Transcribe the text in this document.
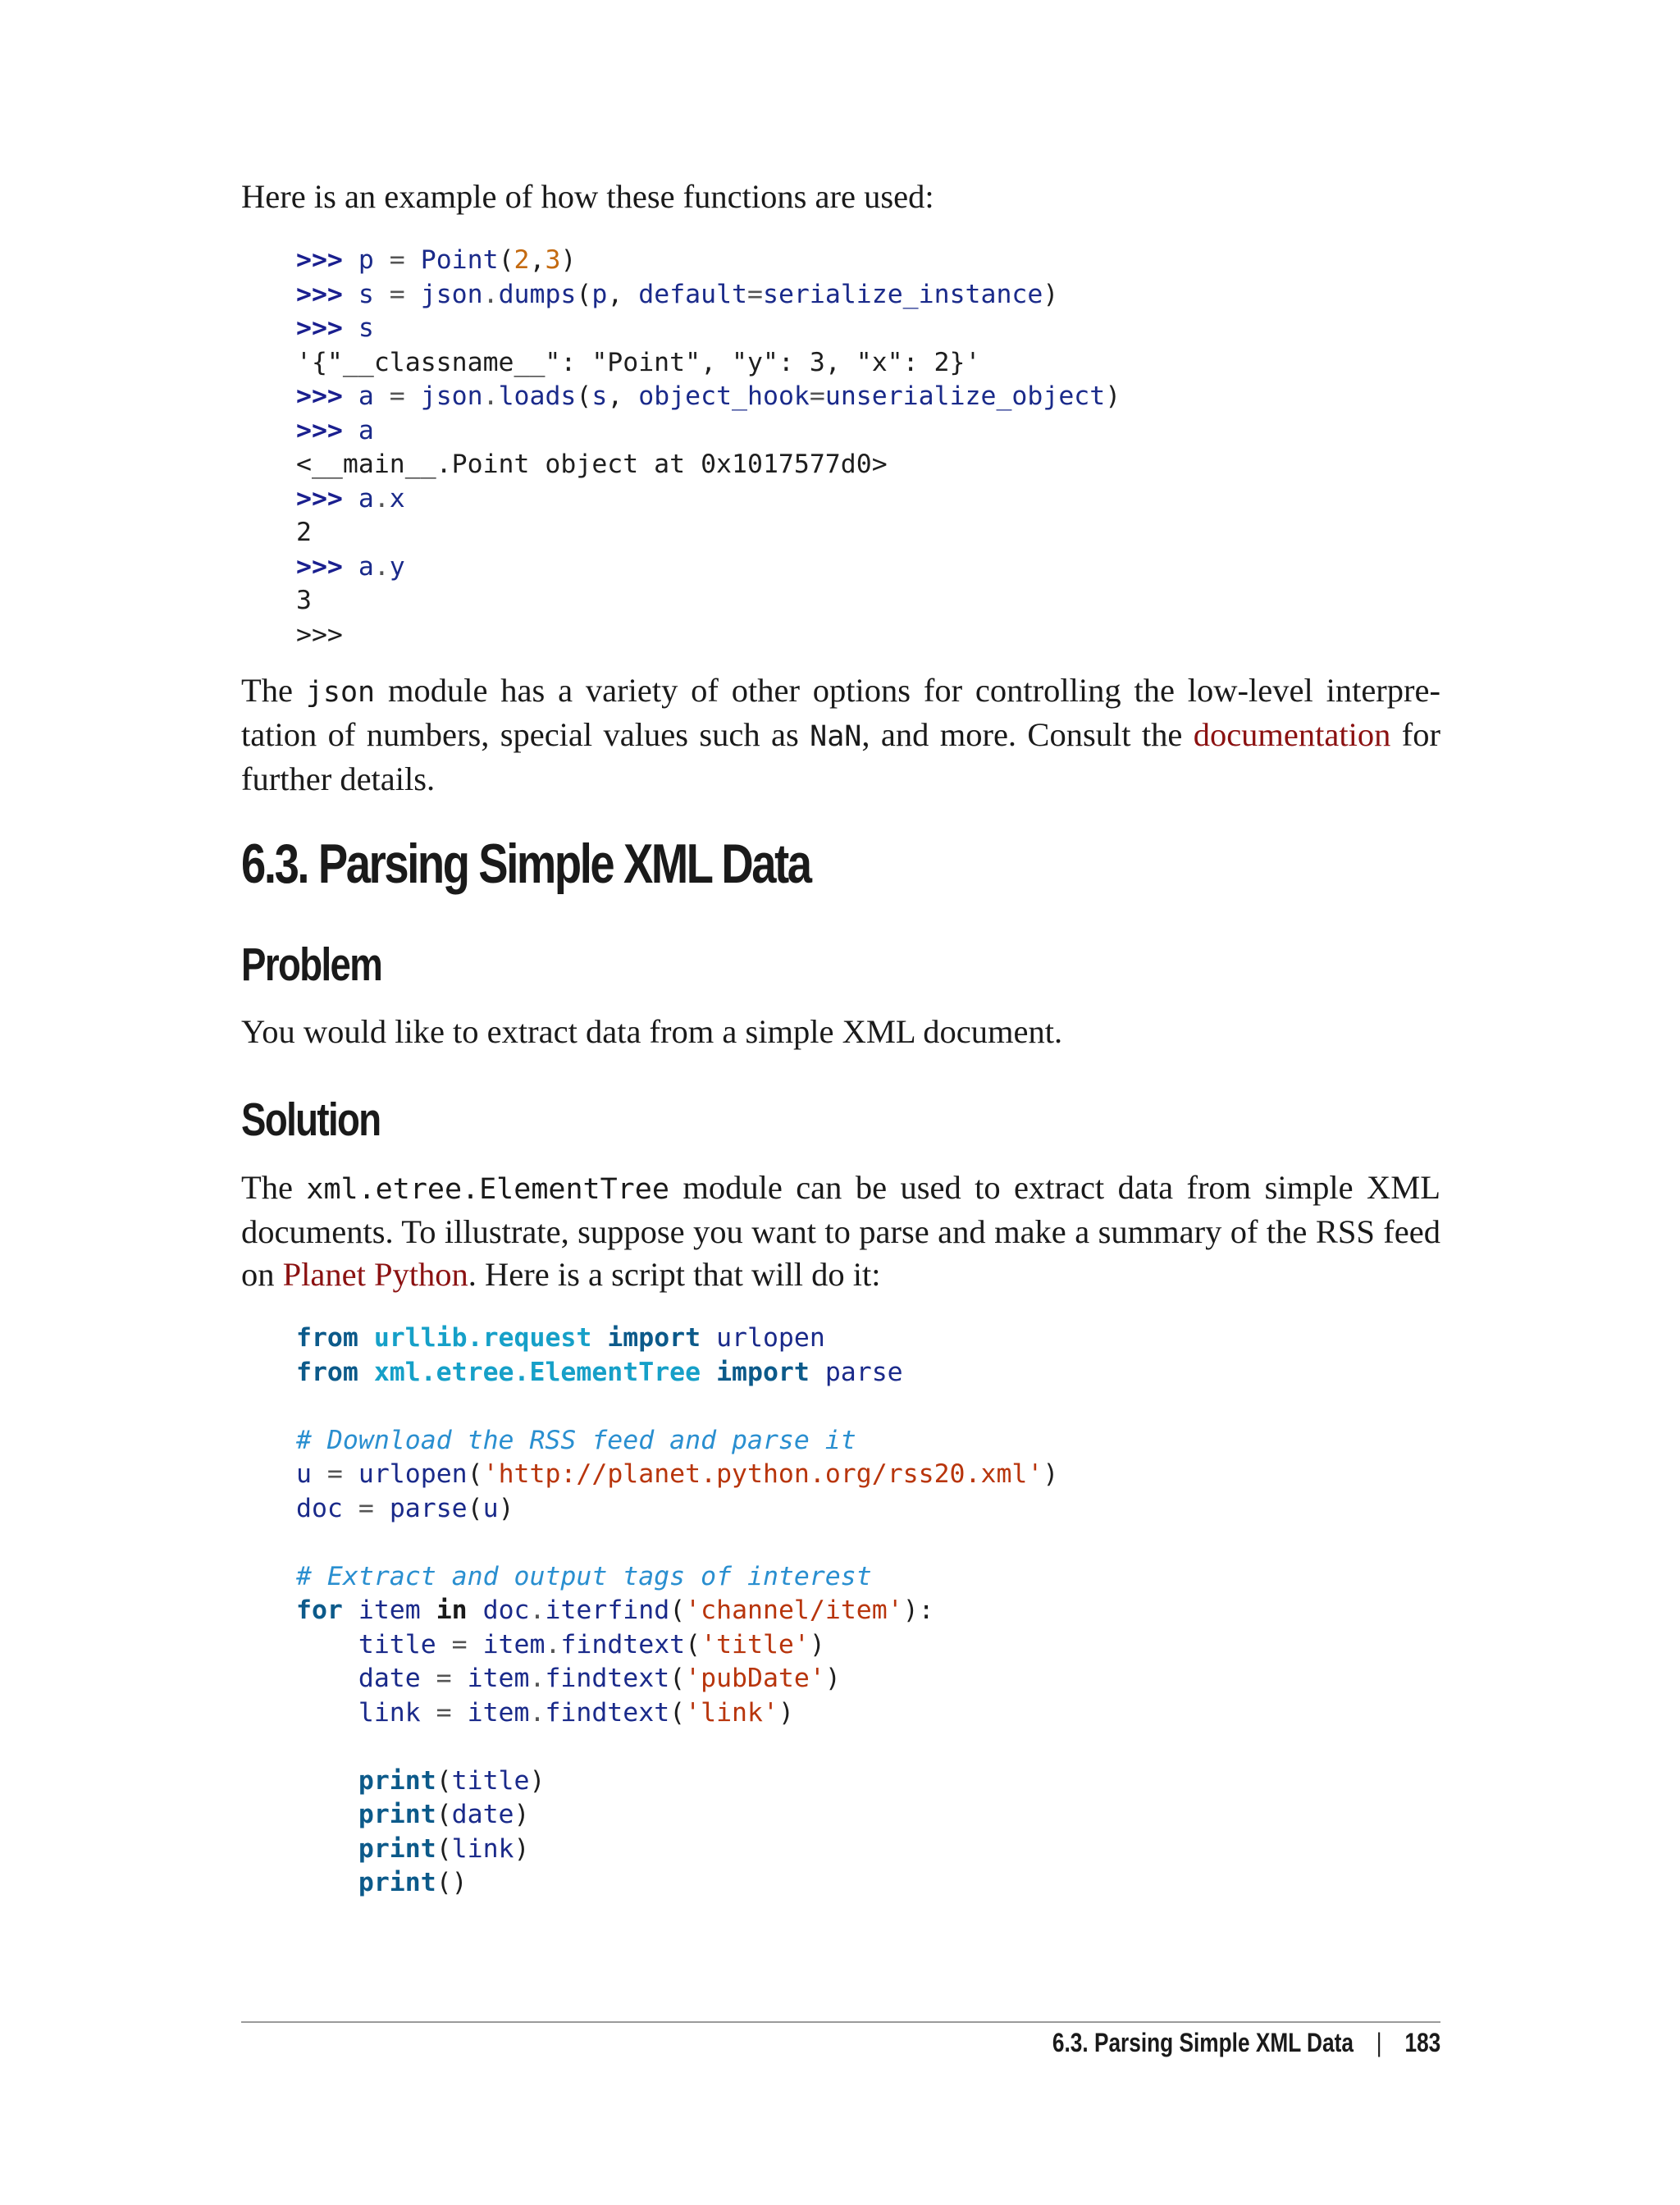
Here is an example of how these functions are used:

>>> p = Point(2,3)
>>> s = json.dumps(p, default=serialize_instance)
>>> s
'{"__classname__": "Point", "y": 3, "x": 2}'
>>> a = json.loads(s, object_hook=unserialize_object)
>>> a
<__main__.Point object at 0x1017577d0>
>>> a.x
2
>>> a.y
3
>>>

The json module has a variety of other options for controlling the low-level interpretation of numbers, special values such as NaN, and more. Consult the documentation for further details.

6.3. Parsing Simple XML Data
Problem

You would like to extract data from a simple XML document.

Solution

The xml.etree.ElementTree module can be used to extract data from simple XML documents. To illustrate, suppose you want to parse and make a summary of the RSS feed on Planet Python. Here is a script that will do it:

from urllib.request import urlopen
from xml.etree.ElementTree import parse

# Download the RSS feed and parse it
u = urlopen('http://planet.python.org/rss20.xml')
doc = parse(u)

# Extract and output tags of interest
for item in doc.iterfind('channel/item'):
title = item.findtext('title')
date = item.findtext('pubDate')
link = item.findtext('link')

print(title)
print(date)
print(link)
print()

6.3. Parsing Simple XML Data | 183
